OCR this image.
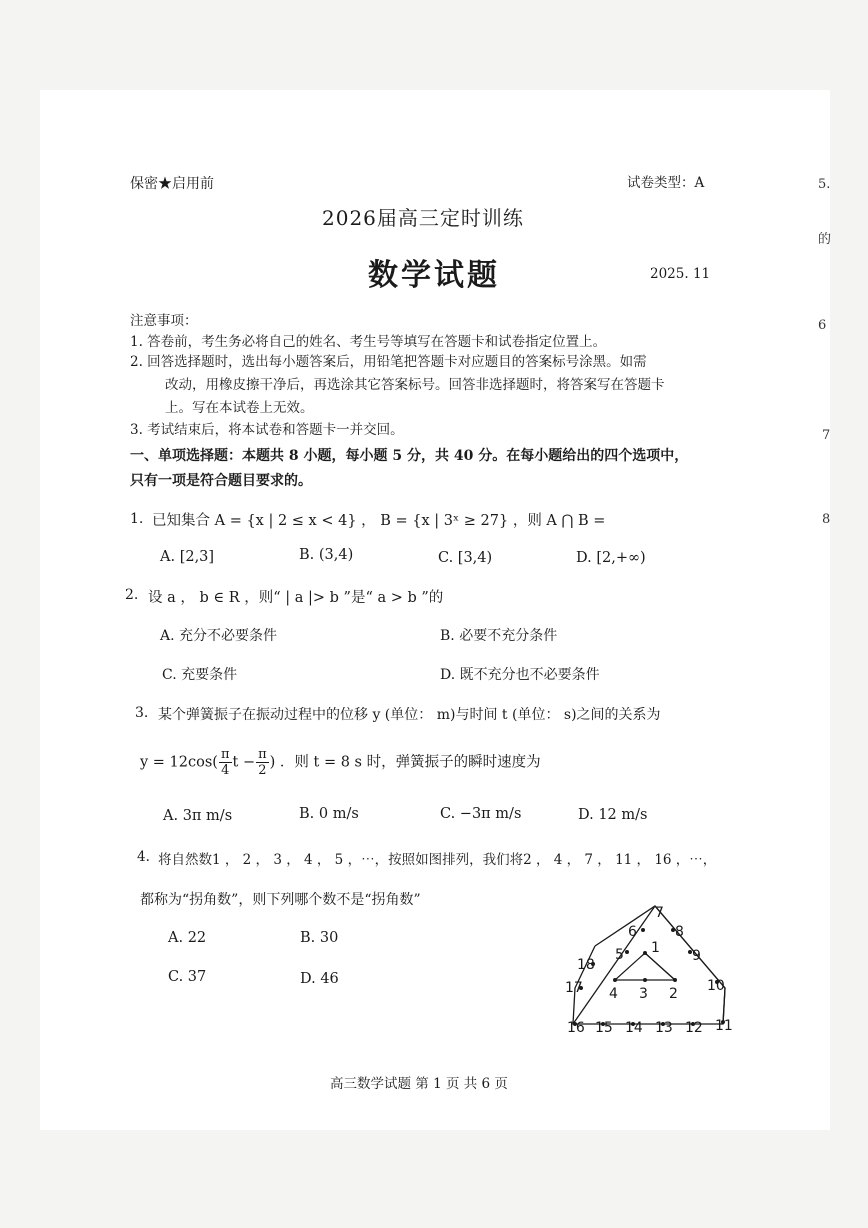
保密★启用前	试卷类型：A
2026届高三定时训练
数学试题	2025. 11
注意事项：
1. 答卷前，考生务必将自己的姓名、考生号等填写在答题卡和试卷指定位置上。
2. 回答选择题时，选出每小题答案后，用铅笔把答题卡对应题目的答案标号涂黑。如需
改动，用橡皮擦干净后，再选涂其它答案标号。回答非选择题时，将答案写在答题卡
上。写在本试卷上无效。
3. 考试结束后，将本试卷和答题卡一并交回。
一、单项选择题：本题共 8 小题，每小题 5 分，共 40 分。在每小题给出的四个选项中，
只有一项是符合题目要求的。
1. 已知集合 A = {x | 2 ≤ x < 4} ， B = {x | 3ˣ ≥ 27} ，则 A ⋂ B =
A. [2,3]	B. (3,4)	C. [3,4)	D. [2,+∞)
2. 设 a ， b ∈ R ，则“ | a |> b ”是“ a > b ”的
A. 充分不必要条件	B. 必要不充分条件
C. 充要条件	D. 既不充分也不必要条件
3. 某个弹簧振子在振动过程中的位移 y (单位： m)与时间 t (单位： s)之间的关系为
$y = 12\cos( \frac{\pi}{4}$ $t - \frac{\pi}{2}$ ) ．则 t = 8 s 时，弹簧振子的瞬时速度为
A. 3π m/s	B. 0 m/s	C. −3π m/s	D. 12 m/s
4. 将自然数1 ， 2 ， 3 ， 4 ， 5 ，⋯，按照如图排列，我们将2 ， 4 ， 7 ， 11 ， 16 ，⋯，
都称为“拐角数”，则下列哪个数不是“拐角数”
A. 22	B. 30
C. 37	D. 46
1
2
3
4
5
6
7
8
9
10
11
12
13
14
15
16
17
18
高三数学试题 第 1 页 共 6 页
5.
的
6
7
8
